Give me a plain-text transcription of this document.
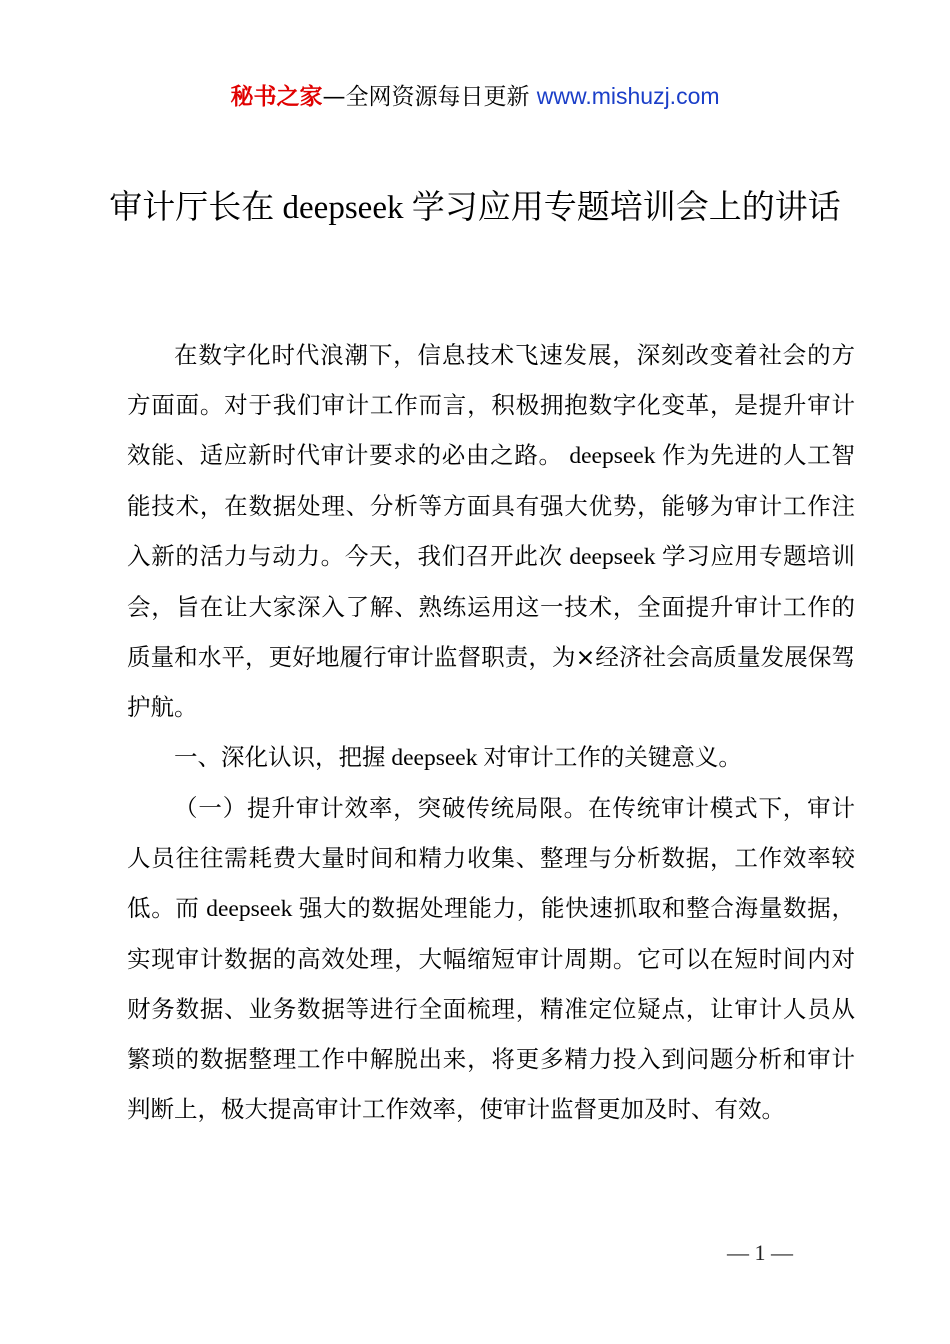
秘书之家—全网资源每日更新 www.mishuzj.com
审计厅长在 deepseek 学习应用专题培训会上的讲话

在数字化时代浪潮下，信息技术飞速发展，深刻改变着社会的方方面面。对于我们审计工作而言，积极拥抱数字化变革，是提升审计效能、适应新时代审计要求的必由之路。 deepseek 作为先进的人工智能技术，在数据处理、分析等方面具有强大优势，能够为审计工作注入新的活力与动力。今天，我们召开此次 deepseek 学习应用专题培训会，旨在让大家深入了解、熟练运用这一技术，全面提升审计工作的质量和水平，更好地履行审计监督职责，为×经济社会高质量发展保驾护航。

一、深化认识，把握 deepseek 对审计工作的关键意义。

（一）提升审计效率，突破传统局限。在传统审计模式下，审计人员往往需耗费大量时间和精力收集、整理与分析数据，工作效率较低。而 deepseek 强大的数据处理能力，能快速抓取和整合海量数据，实现审计数据的高效处理，大幅缩短审计周期。它可以在短时间内对财务数据、业务数据等进行全面梳理，精准定位疑点，让审计人员从繁琐的数据整理工作中解脱出来，将更多精力投入到问题分析和审计判断上，极大提高审计工作效率，使审计监督更加及时、有效。

— 1 —
